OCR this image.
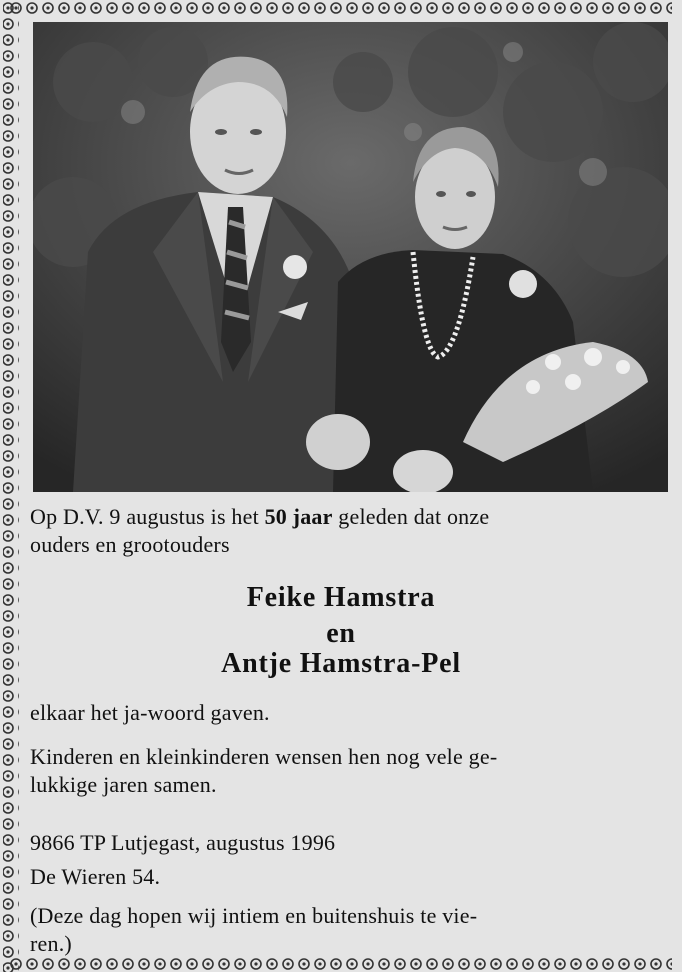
Op D.V. 9 augustus is het 50 jaar geleden dat onze
ouders en grootouders
Feike Hamstra
en
Antje Hamstra-Pel
elkaar het ja-woord gaven.
Kinderen en kleinkinderen wensen hen nog vele ge-
lukkige jaren samen.
9866 TP Lutjegast, augustus 1996
De Wieren 54.
(Deze dag hopen wij intiem en buitenshuis te vie-
ren.)
